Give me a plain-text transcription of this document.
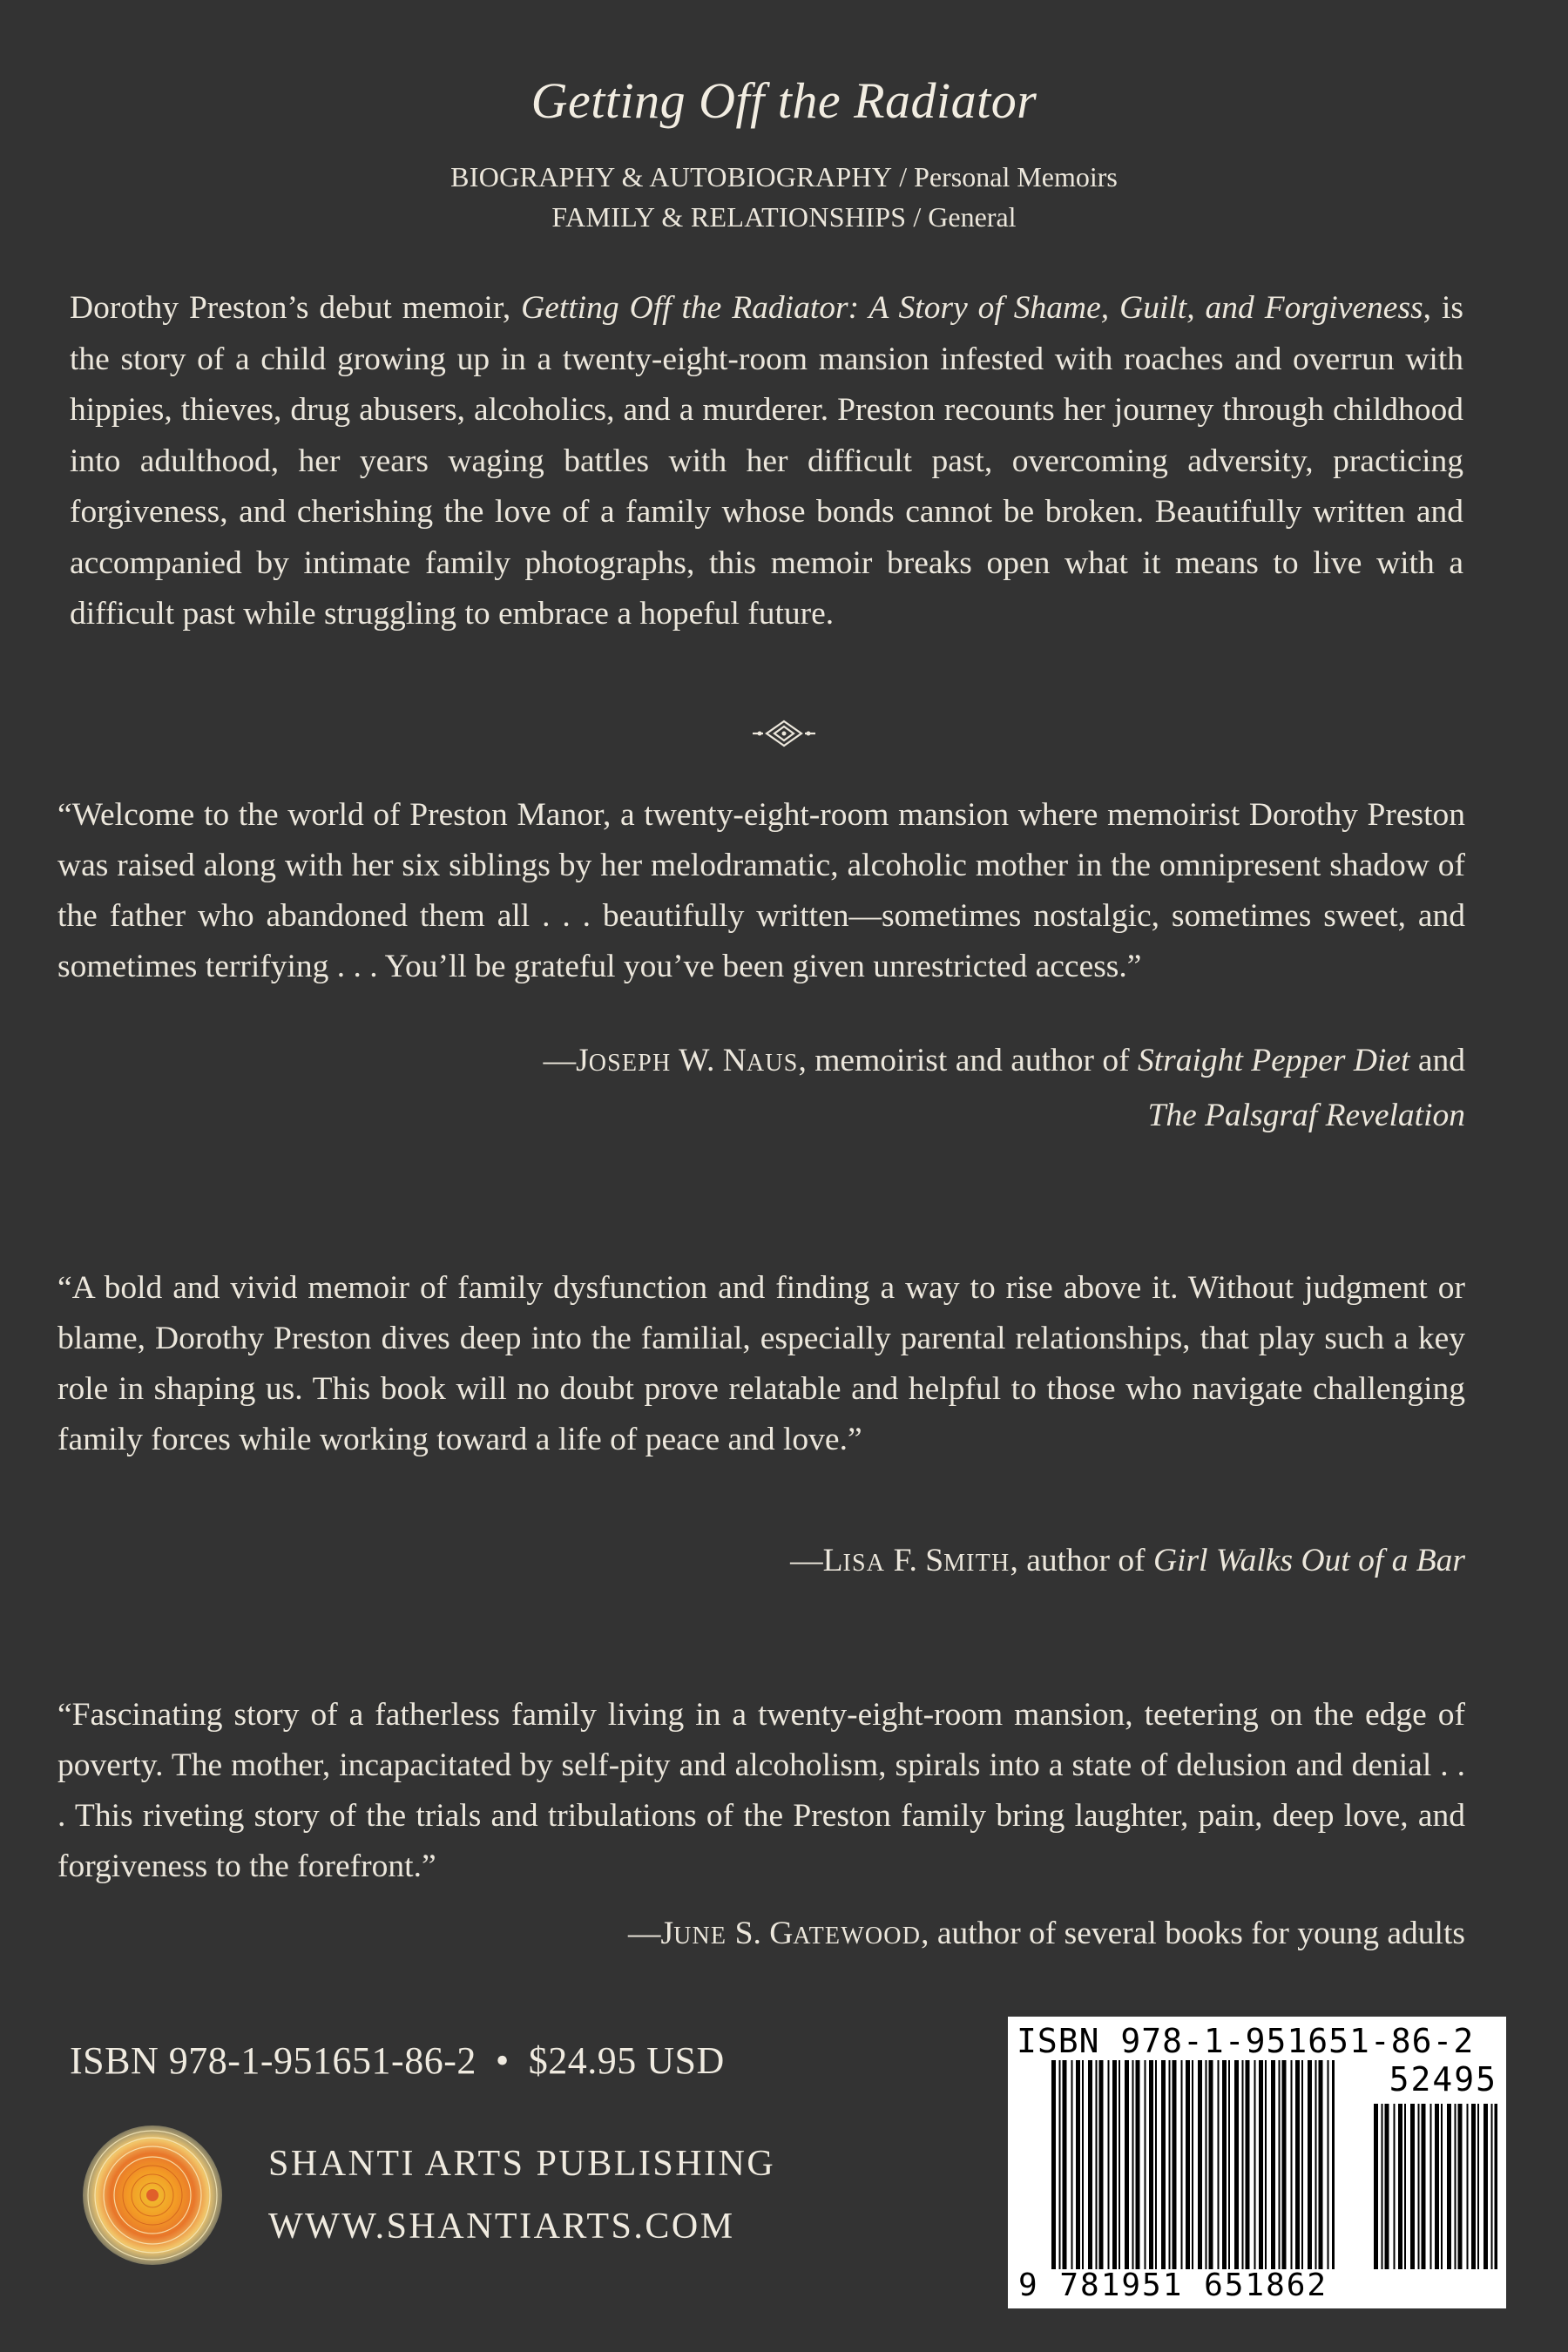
Getting Off the Radiator
BIOGRAPHY & AUTOBIOGRAPHY / Personal Memoirs
FAMILY & RELATIONSHIPS / General
Dorothy Preston’s debut memoir, Getting Off the Radiator: A Story of Shame, Guilt, and Forgiveness, is the story of a child growing up in a twenty-eight-room mansion infested with roaches and overrun with hippies, thieves, drug abusers, alcoholics, and a murderer. Preston recounts her journey through childhood into adulthood, her years waging battles with her difficult past, overcoming adversity, practicing forgiveness, and cherishing the love of a family whose bonds cannot be broken. Beautifully written and accompanied by intimate family photographs, this memoir breaks open what it means to live with a difficult past while struggling to embrace a hopeful future.
“Welcome to the world of Preston Manor, a twenty-eight-room mansion where memoirist Dorothy Preston was raised along with her six siblings by her melodramatic, alcoholic mother in the omnipresent shadow of the father who abandoned them all . . . beautifully written—sometimes nostalgic, sometimes sweet, and sometimes terrifying . . . You’ll be grateful you’ve been given unrestricted access.”
—JOSEPH W. NAUS, memoirist and author of Straight Pepper Diet and The Palsgraf Revelation
“A bold and vivid memoir of family dysfunction and finding a way to rise above it. Without judgment or blame, Dorothy Preston dives deep into the familial, especially parental relationships, that play such a key role in shaping us. This book will no doubt prove relatable and helpful to those who navigate challenging family forces while working toward a life of peace and love.”
—LISA F. SMITH, author of Girl Walks Out of a Bar
“Fascinating story of a fatherless family living in a twenty-eight-room mansion, teetering on the edge of poverty. The mother, incapacitated by self-pity and alcoholism, spirals into a state of delusion and denial . . . This riveting story of the trials and tribulations of the Preston family bring laughter, pain, deep love, and forgiveness to the forefront.”
—JUNE S. GATEWOOD, author of several books for young adults
ISBN 978-1-951651-86-2 • $24.95 USD
SHANTI ARTS PUBLISHING
WWW.SHANTIARTS.COM
ISBN 978-1-951651-86-2
52495
9 781951 651862
